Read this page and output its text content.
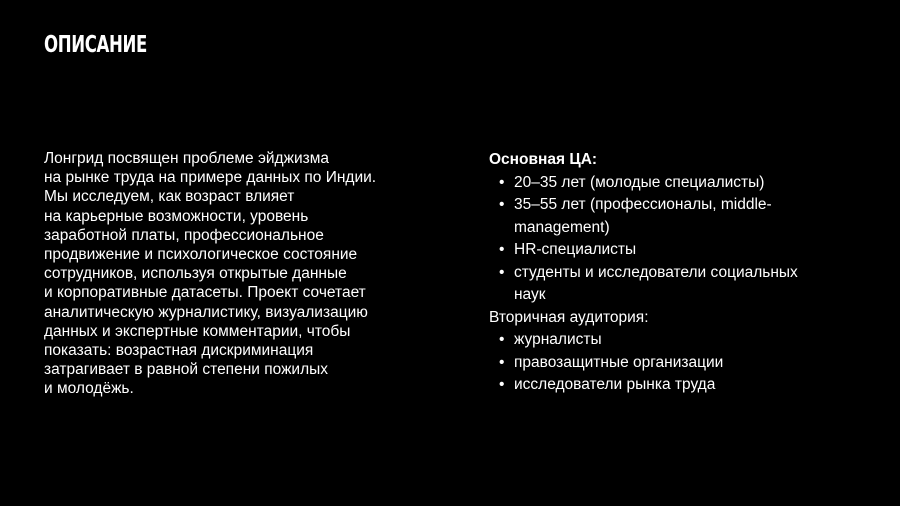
ОПИСАНИЕ
Лонгрид посвящен проблеме эйджизма
на рынке труда на примере данных по Индии.
Мы исследуем, как возраст влияет
на карьерные возможности, уровень
заработной платы, профессиональное
продвижение и психологическое состояние
сотрудников, используя открытые данные
и корпоративные датасеты. Проект сочетает
аналитическую журналистику, визуализацию
данных и экспертные комментарии, чтобы
показать: возрастная дискриминация
затрагивает в равной степени пожилых
и молодёжь.
Основная ЦА:
• 20–35 лет (молодые специалисты)
• 35–55 лет (профессионалы, middle-management)
• HR-специалисты
• студенты и исследователи социальных наук
Вторичная аудитория:
• журналисты
• правозащитные организации
• исследователи рынка труда
